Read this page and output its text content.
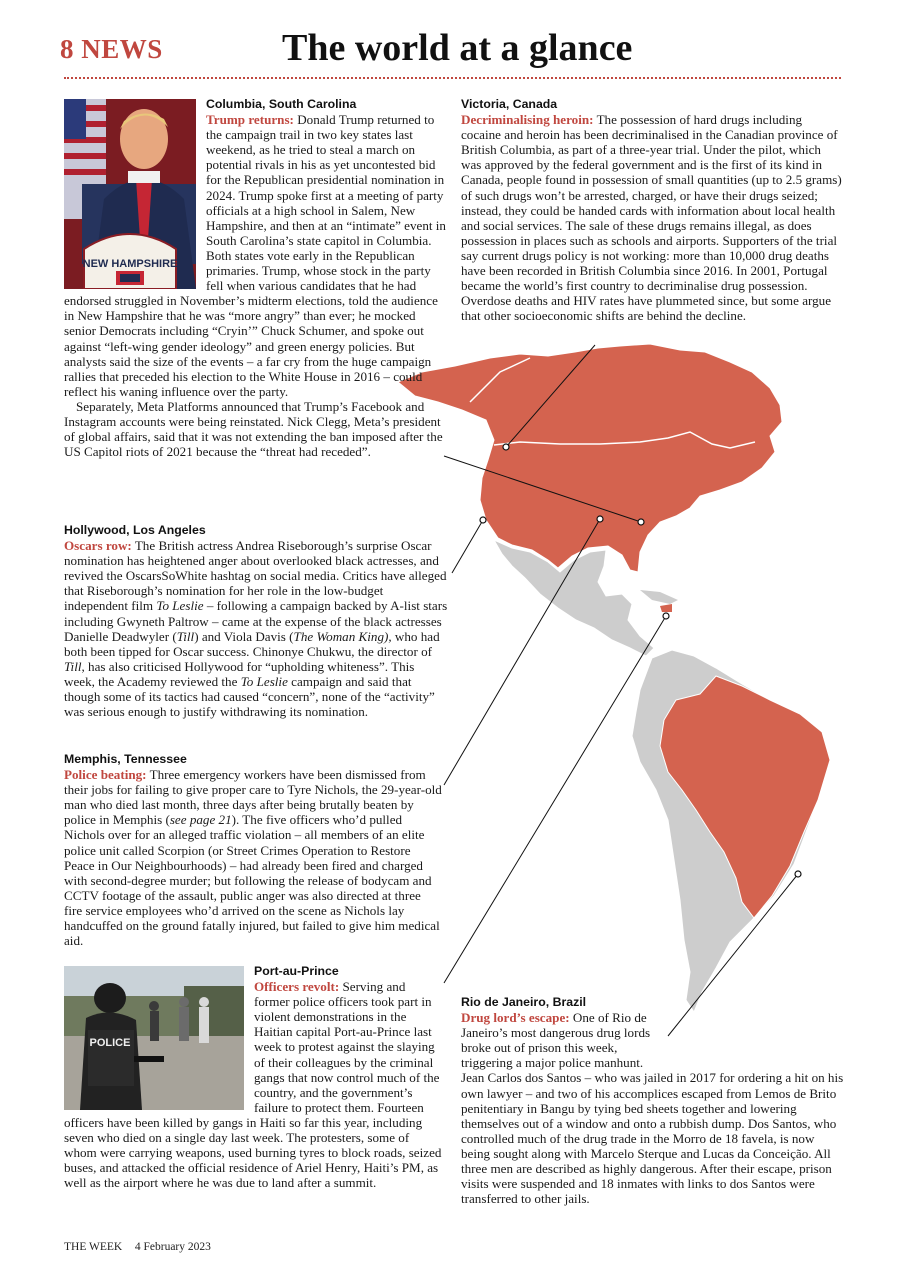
8 NEWS	The world at a glance
NEW HAMPSHIRE
Columbia, South Carolina

Trump returns: Donald Trump returned to the campaign trail in two key states last weekend, as he tried to steal a march on potential rivals in his as yet uncontested bid for the Republican presidential nomination in 2024. Trump spoke first at a meeting of party officials at a high school in Salem, New Hampshire, and then at an “intimate” event in South Carolina’s state capitol in Columbia. Both states vote early in the Republican primaries. Trump, whose stock in the party fell when various candidates that he had endorsed struggled in November’s midterm elections, told the audience in New Hampshire that he was “more angry” than ever; he mocked senior Democrats including “Cryin’” Chuck Schumer, and spoke out against “left-wing gender ideology” and green energy policies. But analysts said the size of the events – a far cry from the huge campaign rallies that preceded his election to the White House in 2016 – could reflect his waning influence over the party.

Separately, Meta Platforms announced that Trump’s Facebook and Instagram accounts were being reinstated. Nick Clegg, Meta’s president of global affairs, said that it was not extending the ban imposed after the US Capitol riots of 2021 because the “threat had receded”.

Victoria, Canada

Decriminalising heroin: The possession of hard drugs including cocaine and heroin has been decriminalised in the Canadian province of British Columbia, as part of a three-year trial. Under the pilot, which was approved by the federal government and is the first of its kind in Canada, people found in possession of small quantities (up to 2.5 grams) of such drugs won’t be arrested, charged, or have their drugs seized; instead, they could be handed cards with information about local health and social services. The sale of these drugs remains illegal, as does possession in places such as schools and airports. Supporters of the trial say current drugs policy is not working: more than 10,000 drug deaths have been recorded in British Columbia since 2016. In 2001, Portugal became the world’s first country to decriminalise drug possession. Overdose deaths and HIV rates have plummeted since, but some argue that other socioeconomic shifts are behind the decline.

Hollywood, Los Angeles

Oscars row: The British actress Andrea Riseborough’s surprise Oscar nomination has heightened anger about overlooked black actresses, and revived the OscarsSoWhite hashtag on social media. Critics have alleged that Riseborough’s nomination for her role in the low-budget independent film To Leslie – following a campaign backed by A-list stars including Gwyneth Paltrow – came at the expense of the black actresses Danielle Deadwyler (Till) and Viola Davis (The Woman King), who had both been tipped for Oscar success. Chinonye Chukwu, the director of Till, has also criticised Hollywood for “upholding whiteness”. This week, the Academy reviewed the To Leslie campaign and said that though some of its tactics had caused “concern”, none of the “activity” was serious enough to justify withdrawing its nomination.

Memphis, Tennessee

Police beating: Three emergency workers have been dismissed from their jobs for failing to give proper care to Tyre Nichols, the 29-year-old man who died last month, three days after being brutally beaten by police in Memphis (see page 21). The five officers who’d pulled Nichols over for an alleged traffic violation – all members of an elite police unit called Scorpion (or Street Crimes Operation to Restore Peace in Our Neighbourhoods) – had already been fired and charged with second-degree murder; but following the release of bodycam and CCTV footage of the assault, public anger was also directed at three fire service employees who’d arrived on the scene as Nichols lay handcuffed on the ground fatally injured, but failed to give him medical aid.

POLICE
Port-au-Prince

Officers revolt: Serving and former police officers took part in violent demonstrations in the Haitian capital Port-au-Prince last week to protest against the slaying of their colleagues by the criminal gangs that now control much of the country, and the government’s failure to protect them. Fourteen officers have been killed by gangs in Haiti so far this year, including seven who died on a single day last week. The protesters, some of whom were carrying weapons, used burning tyres to block roads, seized buses, and attacked the official residence of Ariel Henry, Haiti’s PM, as well as the airport where he was due to land after a summit.

Rio de Janeiro, Brazil

Drug lord’s escape: One of Rio de Janeiro’s most dangerous drug lords broke out of prison this week, triggering a major police manhunt. Jean Carlos dos Santos – who was jailed in 2017 for ordering a hit on his own lawyer – and two of his accomplices escaped from Lemos de Brito penitentiary in Bangu by tying bed sheets together and lowering themselves out of a window and onto a rubbish dump. Dos Santos, who controlled much of the drug trade in the Morro de 18 favela, is now being sought along with Marcelo Sterque and Lucas da Conceição. All three men are described as highly dangerous. After their escape, prison visits were suspended and 18 inmates with links to dos Santos were transferred to other jails.

THE WEEK 4 February 2023
